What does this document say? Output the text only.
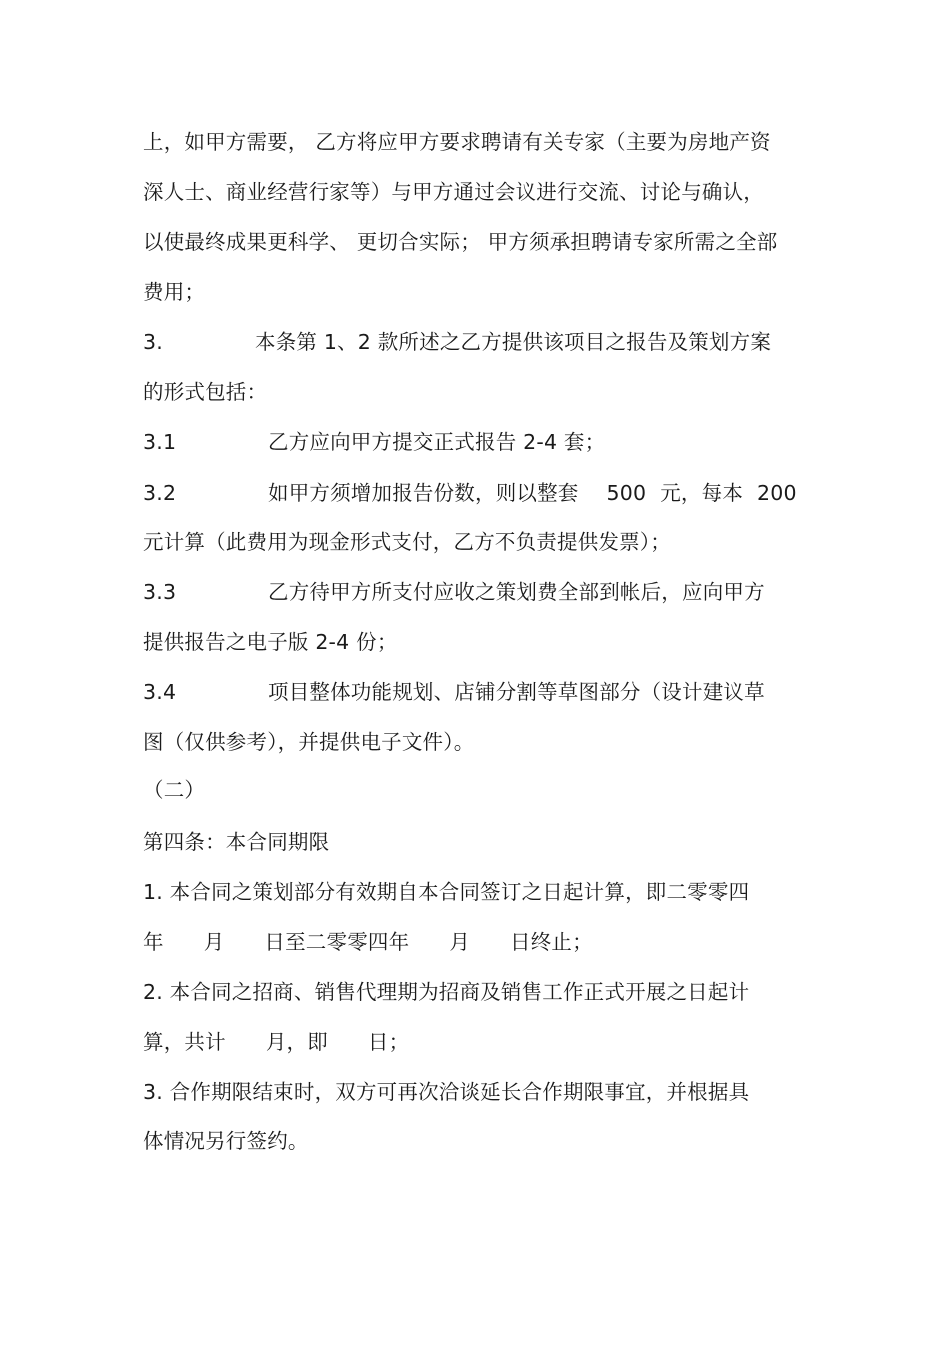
上，如甲方需要， 乙方将应甲方要求聘请有关专家（主要为房地产资
深人士、商业经营行家等）与甲方通过会议进行交流、讨论与确认，
以使最终成果更科学、 更切合实际； 甲方须承担聘请专家所需之全部
费用；
3.	本条第 1、2 款所述之乙方提供该项目之报告及策划方案
的形式包括：
3.1	乙方应向甲方提交正式报告 2-4 套；
3.2	如甲方须增加报告份数，则以整套 500 元，每本 200
元计算（此费用为现金形式支付，乙方不负责提供发票）；
3.3	乙方待甲方所支付应收之策划费全部到帐后，应向甲方
提供报告之电子版 2-4 份；
3.4	项目整体功能规划、店铺分割等草图部分（设计建议草
图（仅供参考），并提供电子文件）。
（二）
第四条：本合同期限
1. 本合同之策划部分有效期自本合同签订之日起计算，即二零零四
年 月 日至二零零四年 月 日终止；
2. 本合同之招商、销售代理期为招商及销售工作正式开展之日起计
算，共计 月，即 日；
3. 合作期限结束时，双方可再次洽谈延长合作期限事宜，并根据具
体情况另行签约。
